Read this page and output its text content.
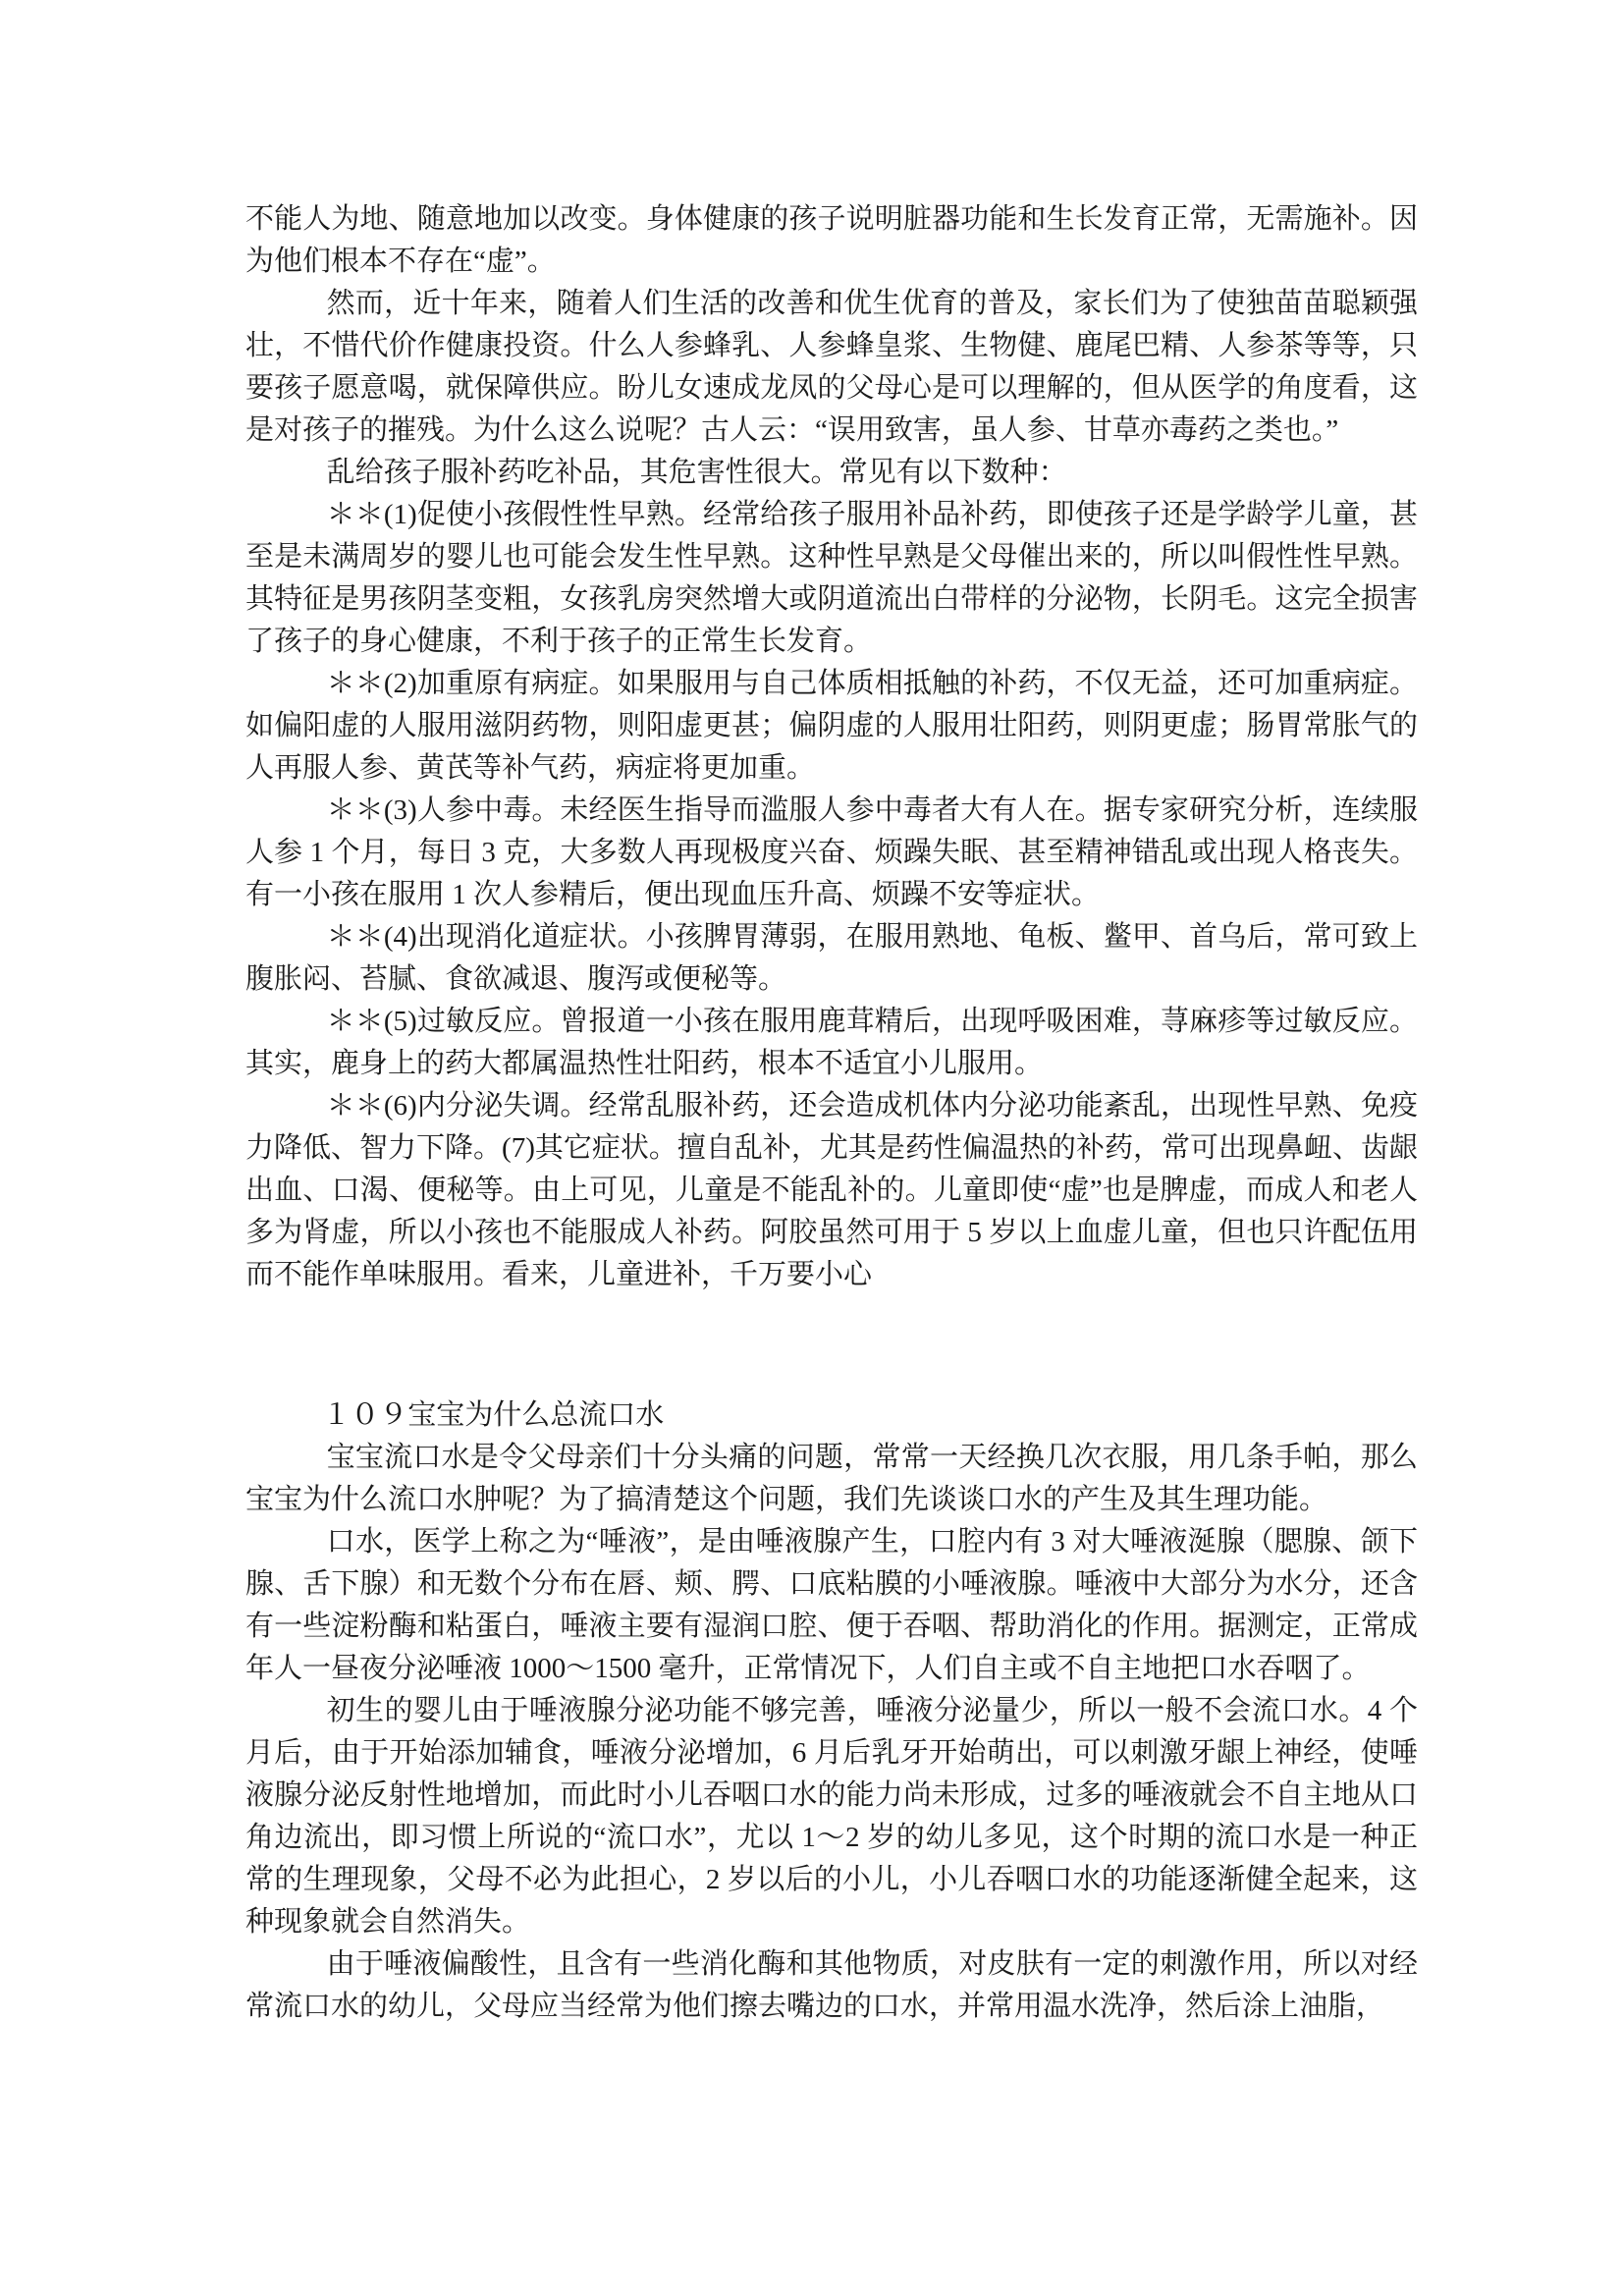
不能人为地、随意地加以改变。身体健康的孩子说明脏器功能和生长发育正常，无需施补。因为他们根本不存在“虚”。

然而，近十年来，随着人们生活的改善和优生优育的普及，家长们为了使独苗苗聪颖强壮，不惜代价作健康投资。什么人参蜂乳、人参蜂皇浆、生物健、鹿尾巴精、人参茶等等，只要孩子愿意喝，就保障供应。盼儿女速成龙凤的父母心是可以理解的，但从医学的角度看，这是对孩子的摧残。为什么这么说呢？古人云：“误用致害，虽人参、甘草亦毒药之类也。”

乱给孩子服补药吃补品，其危害性很大。常见有以下数种：

＊＊(1)促使小孩假性性早熟。经常给孩子服用补品补药，即使孩子还是学龄学儿童，甚至是未满周岁的婴儿也可能会发生性早熟。这种性早熟是父母催出来的，所以叫假性性早熟。其特征是男孩阴茎变粗，女孩乳房突然增大或阴道流出白带样的分泌物，长阴毛。这完全损害了孩子的身心健康，不利于孩子的正常生长发育。

＊＊(2)加重原有病症。如果服用与自己体质相抵触的补药，不仅无益，还可加重病症。如偏阳虚的人服用滋阴药物，则阳虚更甚；偏阴虚的人服用壮阳药，则阴更虚；肠胃常胀气的人再服人参、黄芪等补气药，病症将更加重。

＊＊(3)人参中毒。未经医生指导而滥服人参中毒者大有人在。据专家研究分析，连续服人参 1 个月，每日 3 克，大多数人再现极度兴奋、烦躁失眠、甚至精神错乱或出现人格丧失。有一小孩在服用 1 次人参精后，便出现血压升高、烦躁不安等症状。

＊＊(4)出现消化道症状。小孩脾胃薄弱，在服用熟地、龟板、鳖甲、首乌后，常可致上腹胀闷、苔腻、食欲减退、腹泻或便秘等。

＊＊(5)过敏反应。曾报道一小孩在服用鹿茸精后，出现呼吸困难，荨麻疹等过敏反应。其实，鹿身上的药大都属温热性壮阳药，根本不适宜小儿服用。

＊＊(6)内分泌失调。经常乱服补药，还会造成机体内分泌功能紊乱，出现性早熟、免疫力降低、智力下降。(7)其它症状。擅自乱补，尤其是药性偏温热的补药，常可出现鼻衄、齿龈出血、口渴、便秘等。由上可见，儿童是不能乱补的。儿童即使“虚”也是脾虚，而成人和老人多为肾虚，所以小孩也不能服成人补药。阿胶虽然可用于 5 岁以上血虚儿童，但也只许配伍用而不能作单味服用。看来，儿童进补，千万要小心

１０９宝宝为什么总流口水

宝宝流口水是令父母亲们十分头痛的问题，常常一天经换几次衣服，用几条手帕，那么宝宝为什么流口水肿呢？为了搞清楚这个问题，我们先谈谈口水的产生及其生理功能。

口水，医学上称之为“唾液”，是由唾液腺产生，口腔内有 3 对大唾液涎腺（腮腺、颌下腺、舌下腺）和无数个分布在唇、颊、腭、口底粘膜的小唾液腺。唾液中大部分为水分，还含有一些淀粉酶和粘蛋白，唾液主要有湿润口腔、便于吞咽、帮助消化的作用。据测定，正常成年人一昼夜分泌唾液 1000～1500 毫升，正常情况下，人们自主或不自主地把口水吞咽了。

初生的婴儿由于唾液腺分泌功能不够完善，唾液分泌量少，所以一般不会流口水。4 个月后，由于开始添加辅食，唾液分泌增加，6 月后乳牙开始萌出，可以刺激牙龈上神经，使唾液腺分泌反射性地增加，而此时小儿吞咽口水的能力尚未形成，过多的唾液就会不自主地从口角边流出，即习惯上所说的“流口水”，尤以 1～2 岁的幼儿多见，这个时期的流口水是一种正常的生理现象，父母不必为此担心，2 岁以后的小儿，小儿吞咽口水的功能逐渐健全起来，这种现象就会自然消失。

由于唾液偏酸性，且含有一些消化酶和其他物质，对皮肤有一定的刺激作用，所以对经常流口水的幼儿，父母应当经常为他们擦去嘴边的口水，并常用温水洗净，然后涂上油脂，
